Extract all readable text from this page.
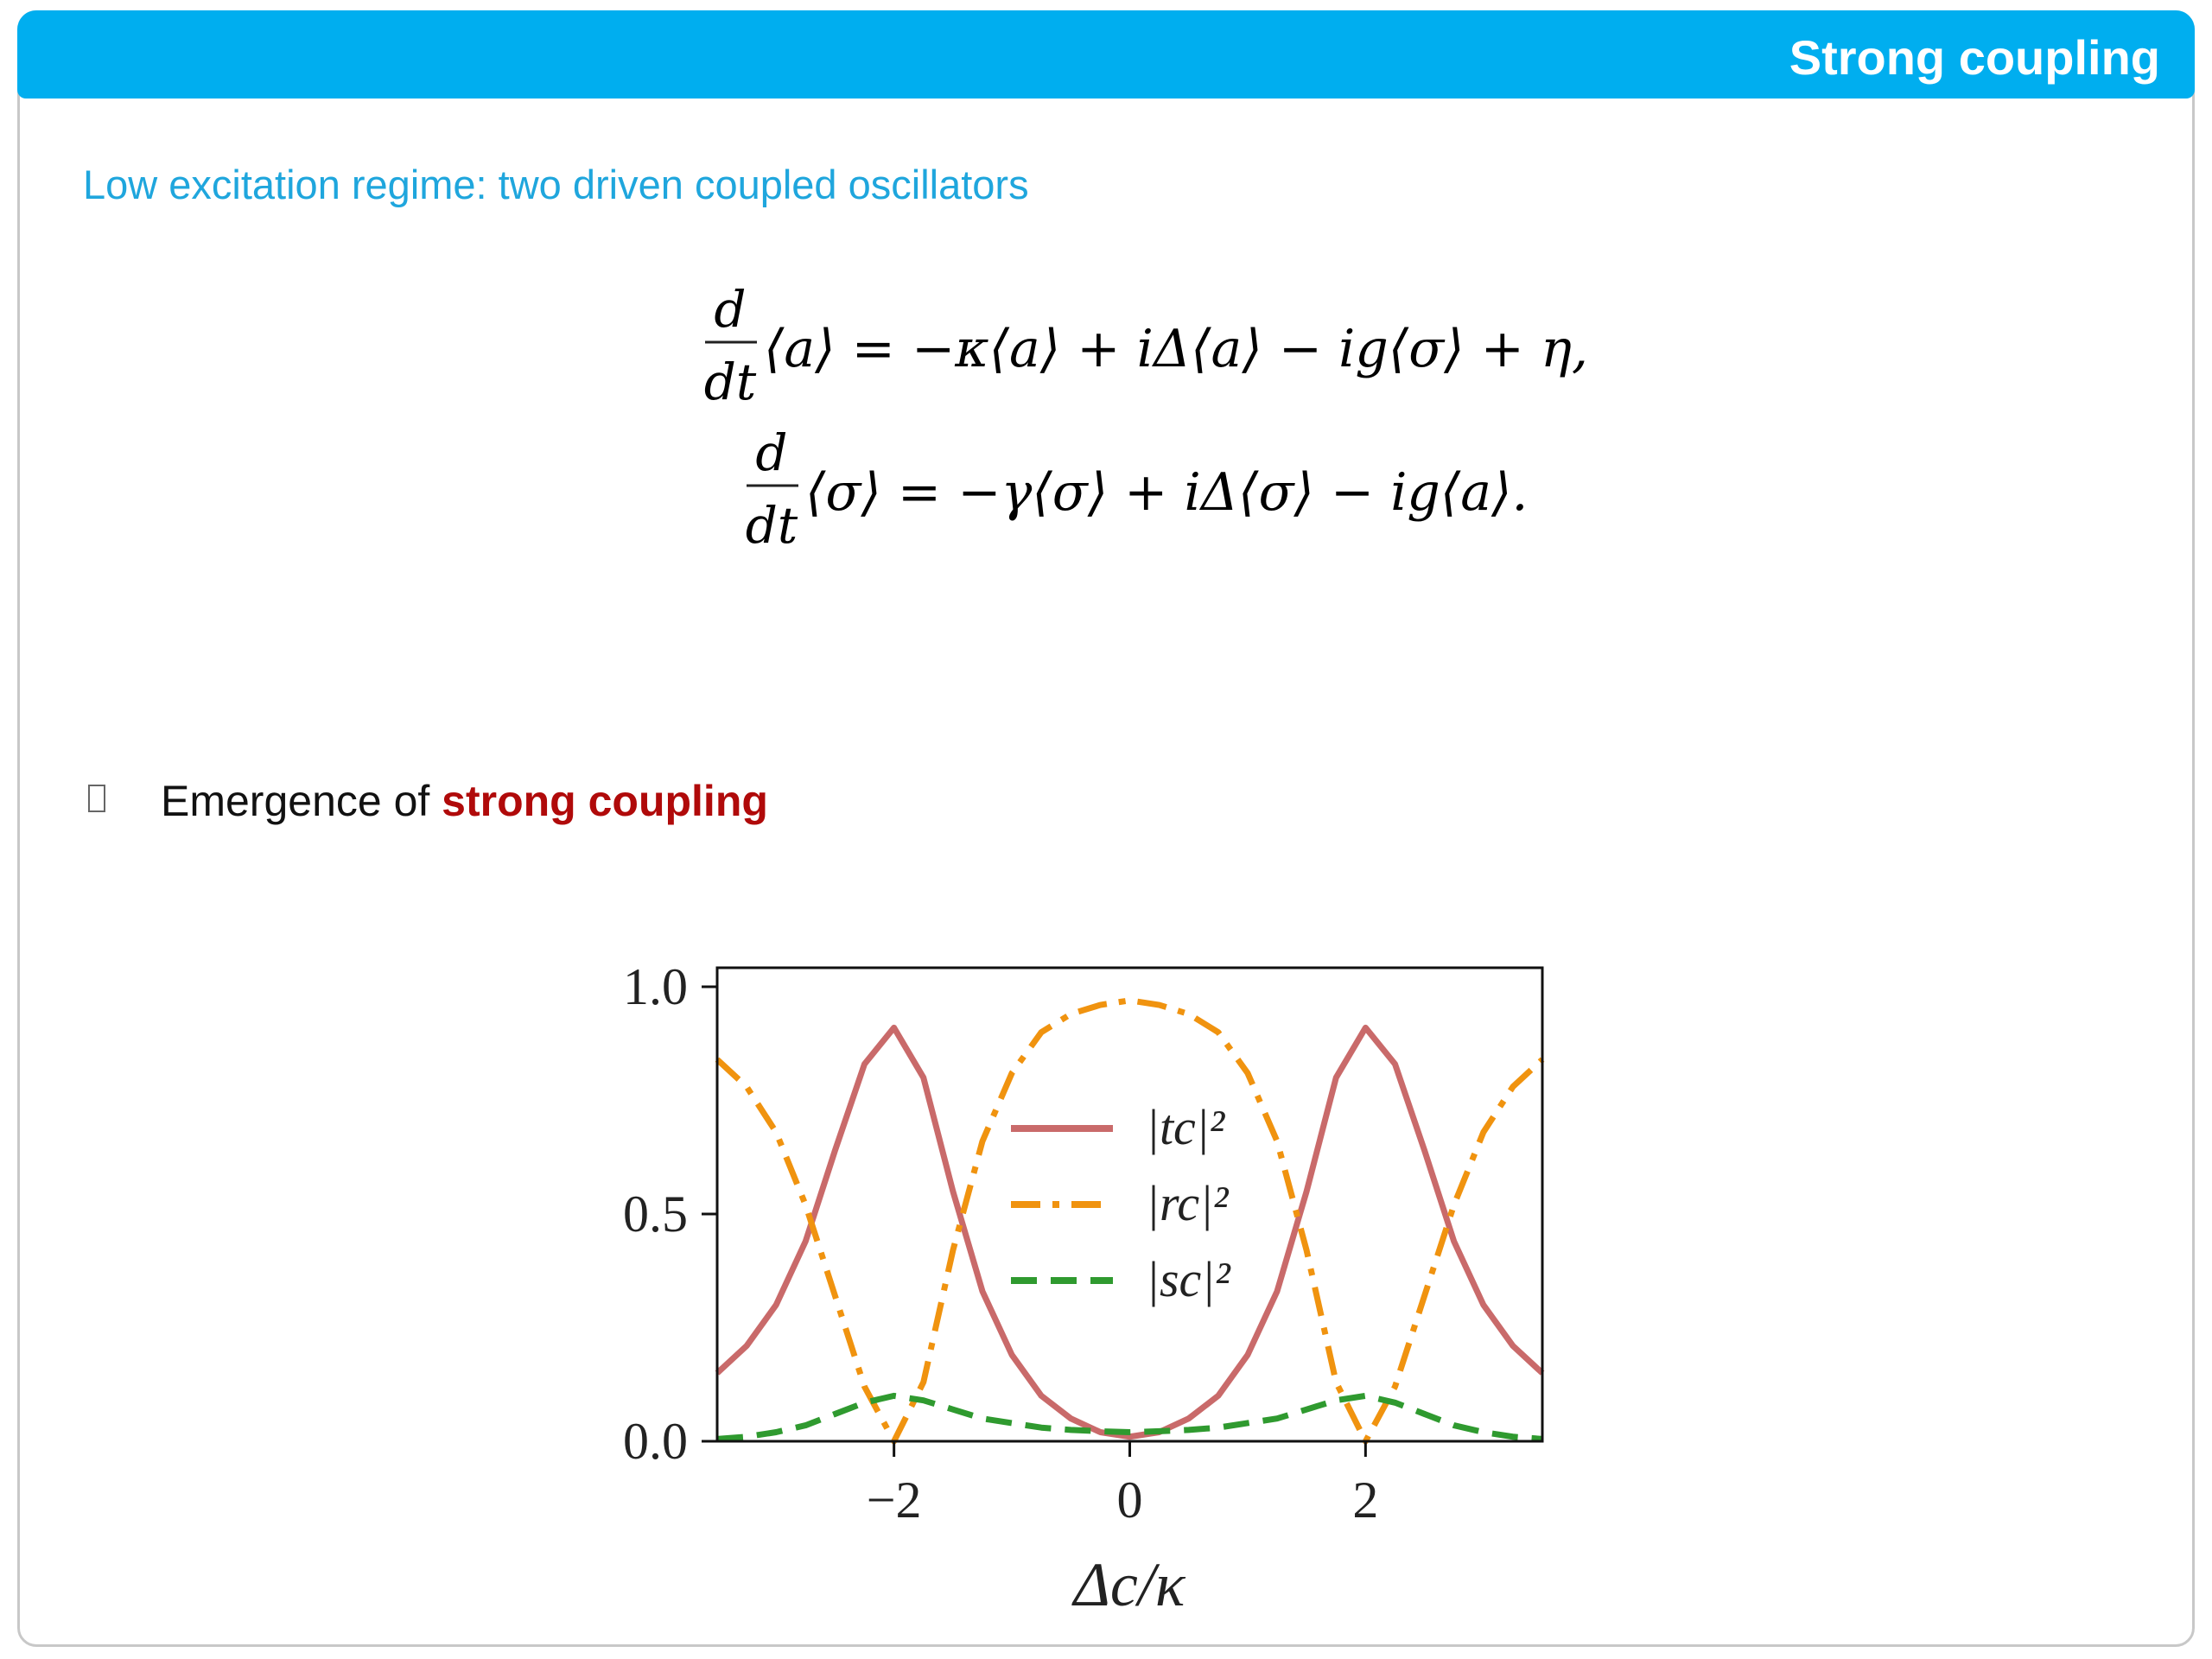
Strong coupling
Low excitation regime: two driven coupled oscillators
d
dt
⟨a⟩ = −κ⟨a⟩ + iΔ⟨a⟩ − ig⟨σ⟩ + η,
d
dt
⟨σ⟩ = −γ⟨σ⟩ + iΔ⟨σ⟩ − ig⟨a⟩.
Emergence of strong coupling
−2	0	2
0.0
0.5
1.0
Δc/κ
|tc|²
|rc|²
|sc|²
